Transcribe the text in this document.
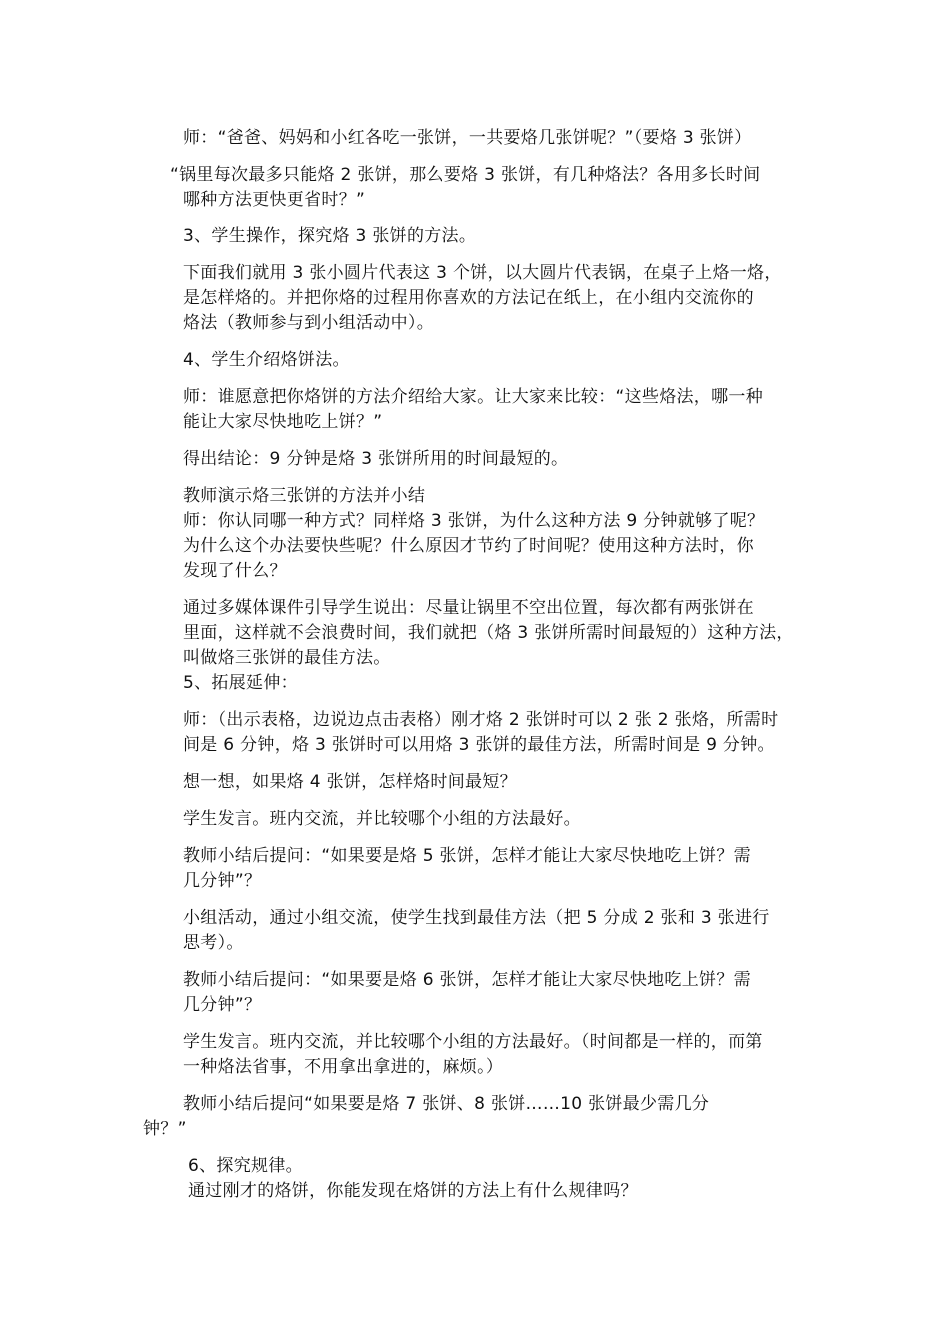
师：“爸爸、妈妈和小红各吃一张饼，一共要烙几张饼呢？”（要烙 3 张饼）
“锅里每次最多只能烙 2 张饼，那么要烙 3 张饼，有几种烙法？各用多长时间
哪种方法更快更省时？”
3、学生操作，探究烙 3 张饼的方法。
下面我们就用 3 张小圆片代表这 3 个饼，以大圆片代表锅，在桌子上烙一烙，
是怎样烙的。并把你烙的过程用你喜欢的方法记在纸上，在小组内交流你的
烙法（教师参与到小组活动中）。
4、学生介绍烙饼法。
师：谁愿意把你烙饼的方法介绍给大家。让大家来比较：“这些烙法，哪一种
能让大家尽快地吃上饼？”
得出结论：9 分钟是烙 3 张饼所用的时间最短的。
教师演示烙三张饼的方法并小结
师：你认同哪一种方式？同样烙 3 张饼，为什么这种方法 9 分钟就够了呢？
为什么这个办法要快些呢？什么原因才节约了时间呢？使用这种方法时，你
发现了什么？
通过多媒体课件引导学生说出：尽量让锅里不空出位置，每次都有两张饼在
里面，这样就不会浪费时间，我们就把（烙 3 张饼所需时间最短的）这种方法，
叫做烙三张饼的最佳方法。
5、拓展延伸：
师：（出示表格，边说边点击表格）刚才烙 2 张饼时可以 2 张 2 张烙，所需时
间是 6 分钟，烙 3 张饼时可以用烙 3 张饼的最佳方法，所需时间是 9 分钟。
想一想，如果烙 4 张饼，怎样烙时间最短？
学生发言。班内交流，并比较哪个小组的方法最好。
教师小结后提问：“如果要是烙 5 张饼，怎样才能让大家尽快地吃上饼？需
几分钟”？
小组活动，通过小组交流，使学生找到最佳方法（把 5 分成 2 张和 3 张进行
思考）。
教师小结后提问：“如果要是烙 6 张饼，怎样才能让大家尽快地吃上饼？需
几分钟”？
学生发言。班内交流，并比较哪个小组的方法最好。（时间都是一样的，而第
一种烙法省事，不用拿出拿进的，麻烦。）
教师小结后提问“如果要是烙 7 张饼、8 张饼……10 张饼最少需几分
钟？”
6、探究规律。
通过刚才的烙饼，你能发现在烙饼的方法上有什么规律吗？
